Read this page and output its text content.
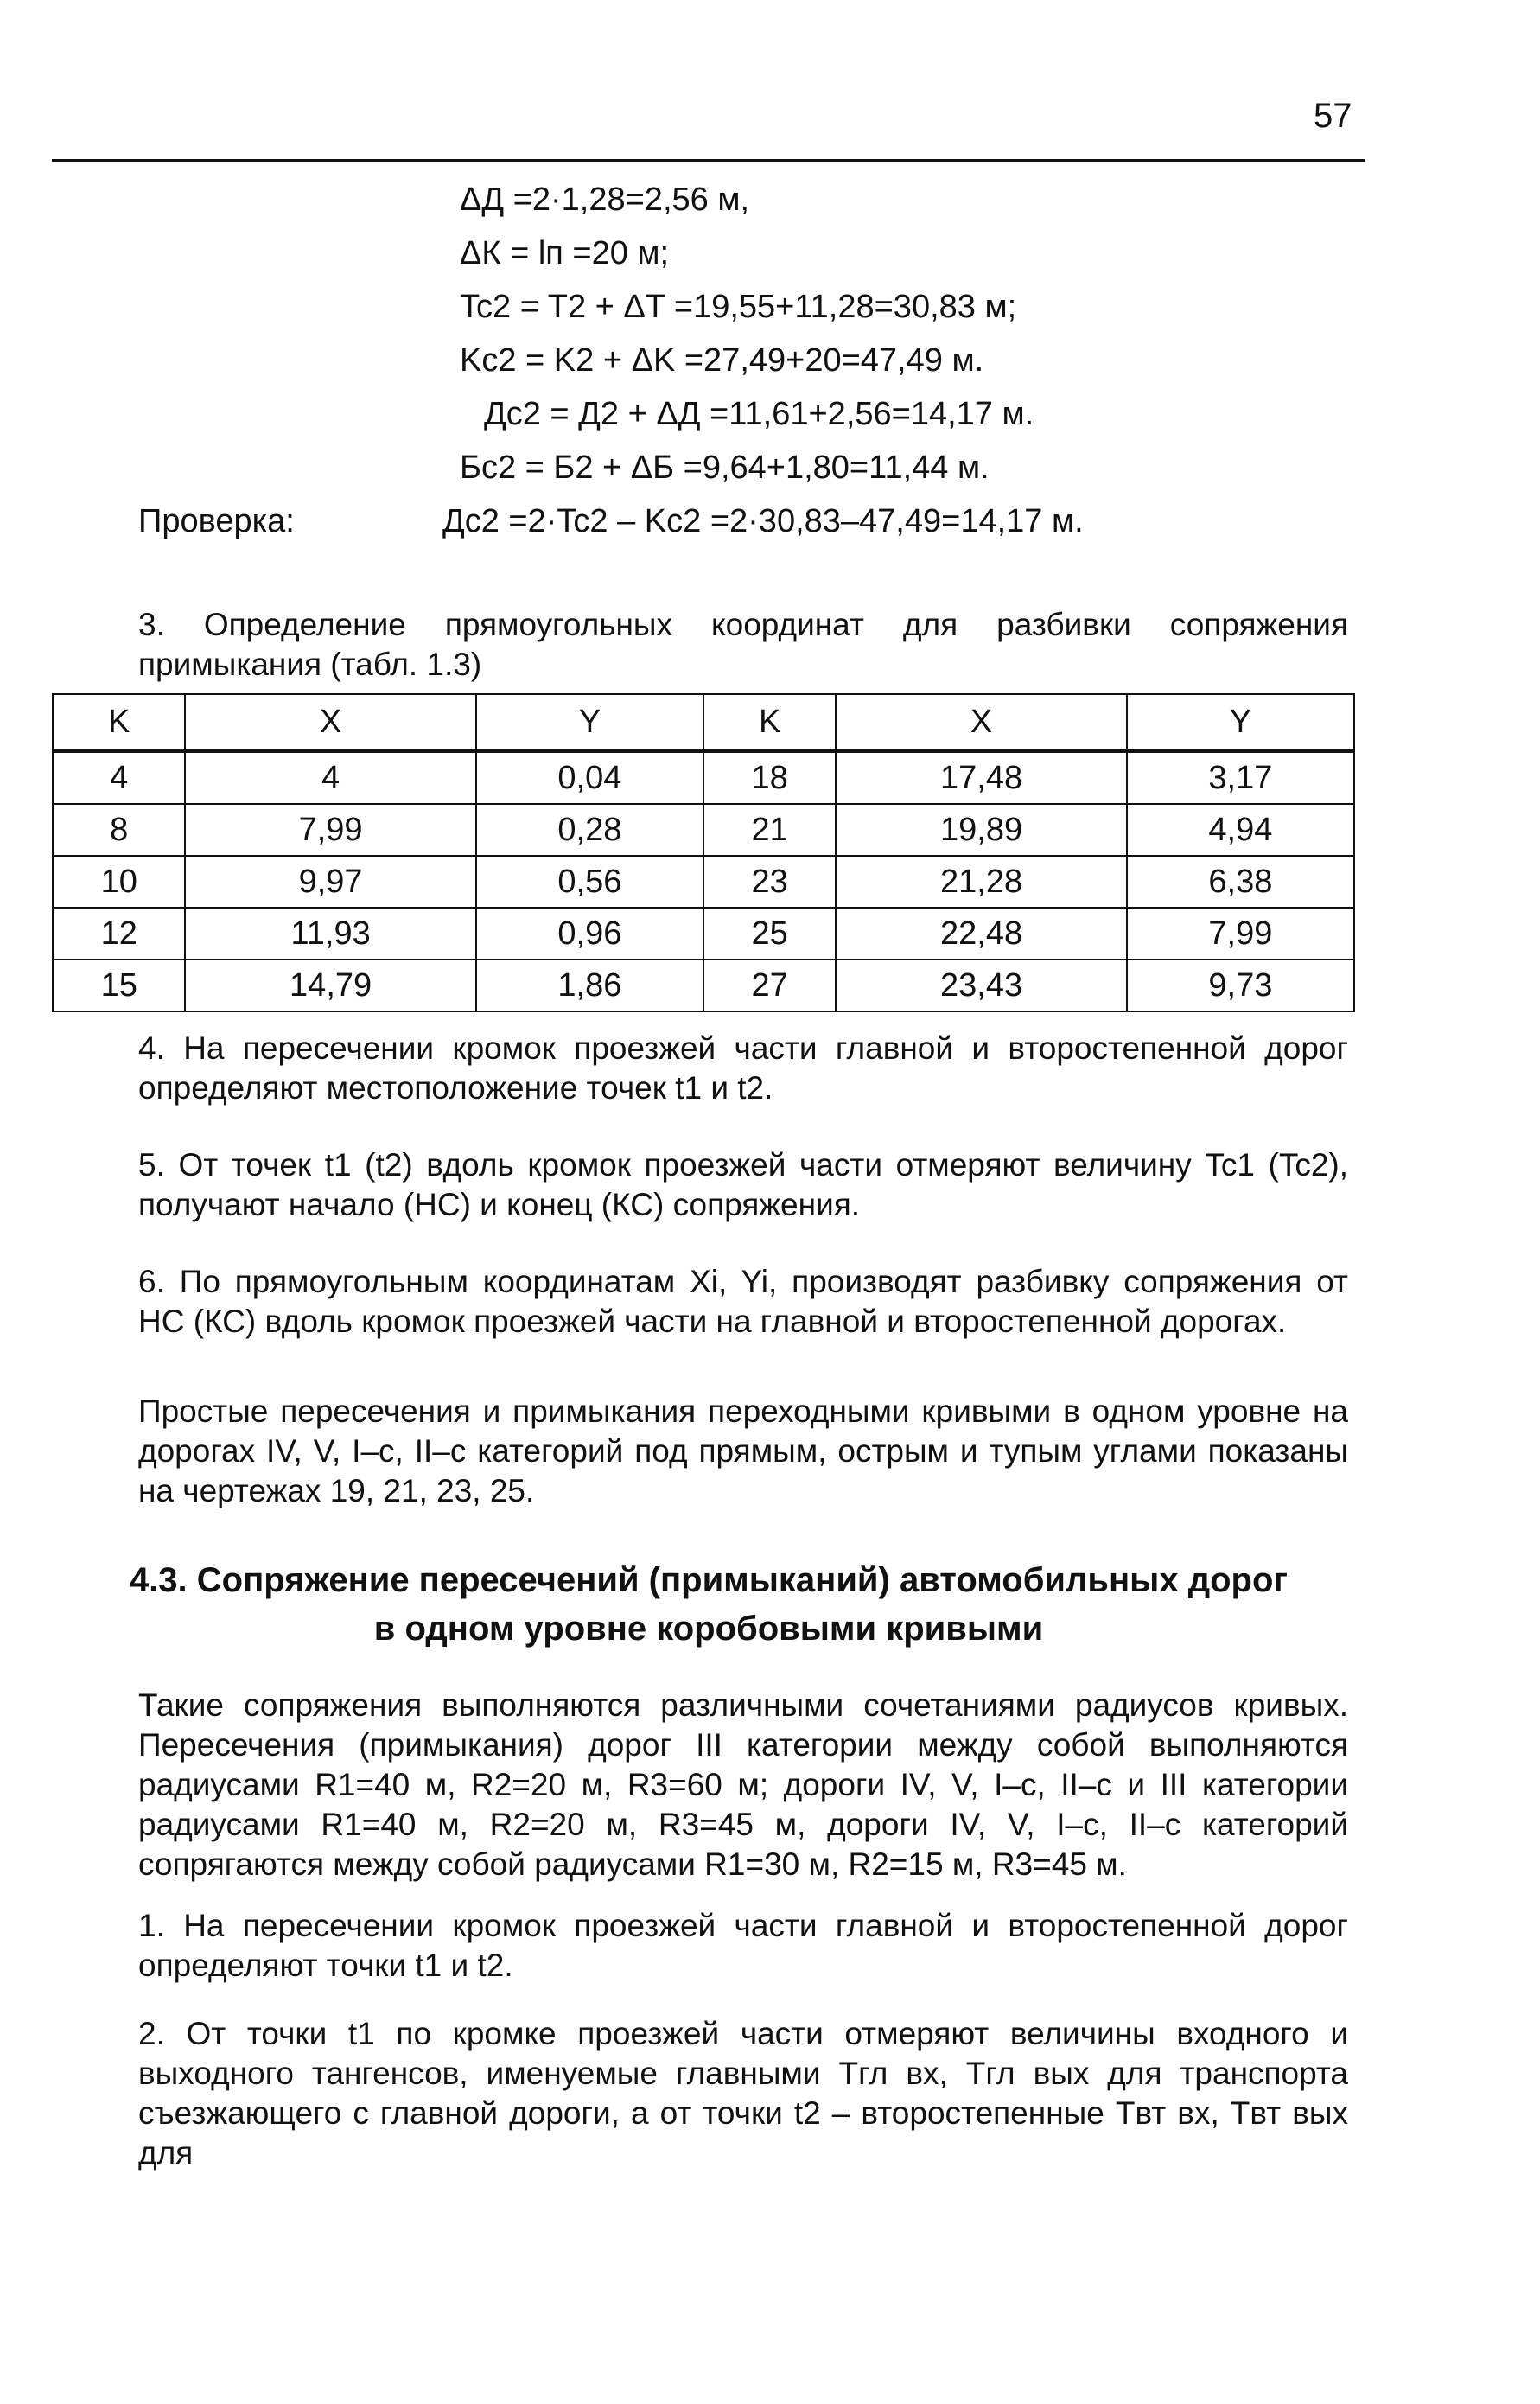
57
ΔД =2·1,28=2,56 м,
ΔК = lп =20 м;
Tc2 = T2 + ΔT =19,55+11,28=30,83 м;
Kc2 = K2 + ΔK =27,49+20=47,49 м.
Дc2 = Д2 + ΔД =11,61+2,56=14,17 м.
Бc2 = Б2 + ΔБ =9,64+1,80=11,44 м.
Проверка:	Дc2 =2·Tc2 – Kc2 =2·30,83–47,49=14,17 м.
3. Определение прямоугольных координат для разбивки сопряжения примыкания (табл. 1.3)
K	X	Y	K	X	Y
4	4	0,04	18	17,48	3,17
8	7,99	0,28	21	19,89	4,94
10	9,97	0,56	23	21,28	6,38
12	11,93	0,96	25	22,48	7,99
15	14,79	1,86	27	23,43	9,73
4. На пересечении кромок проезжей части главной и второстепенной дорог определяют местоположение точек t1 и t2.
5. От точек t1 (t2) вдоль кромок проезжей части отмеряют величину Tc1 (Tc2), получают начало (НС) и конец (КС) сопряжения.
6. По прямоугольным координатам Xi, Yi, производят разбивку сопряжения от НС (КС) вдоль кромок проезжей части на главной и второстепенной дорогах.
Простые пересечения и примыкания переходными кривыми в одном уровне на дорогах IV, V, I–с, II–с категорий под прямым, острым и тупым углами показаны на чертежах 19, 21, 23, 25.
4.3. Сопряжение пересечений (примыканий) автомобильных дорог
в одном уровне коробовыми кривыми
Такие сопряжения выполняются различными сочетаниями радиусов кривых. Пересечения (примыкания) дорог III категории между собой выполняются радиусами R1=40 м, R2=20 м, R3=60 м; дороги IV, V, I–с, II–с и III категории радиусами R1=40 м, R2=20 м, R3=45 м, дороги IV, V, I–с, II–с категорий сопрягаются между собой радиусами R1=30 м, R2=15 м, R3=45 м.
1. На пересечении кромок проезжей части главной и второстепенной дорог определяют точки t1 и t2.
2. От точки t1 по кромке проезжей части отмеряют величины входного и выходного тангенсов, именуемые главными Tгл вх, Tгл вых для транспорта съезжающего с главной дороги, а от точки t2 – второстепенные Tвт вх, Tвт вых для
